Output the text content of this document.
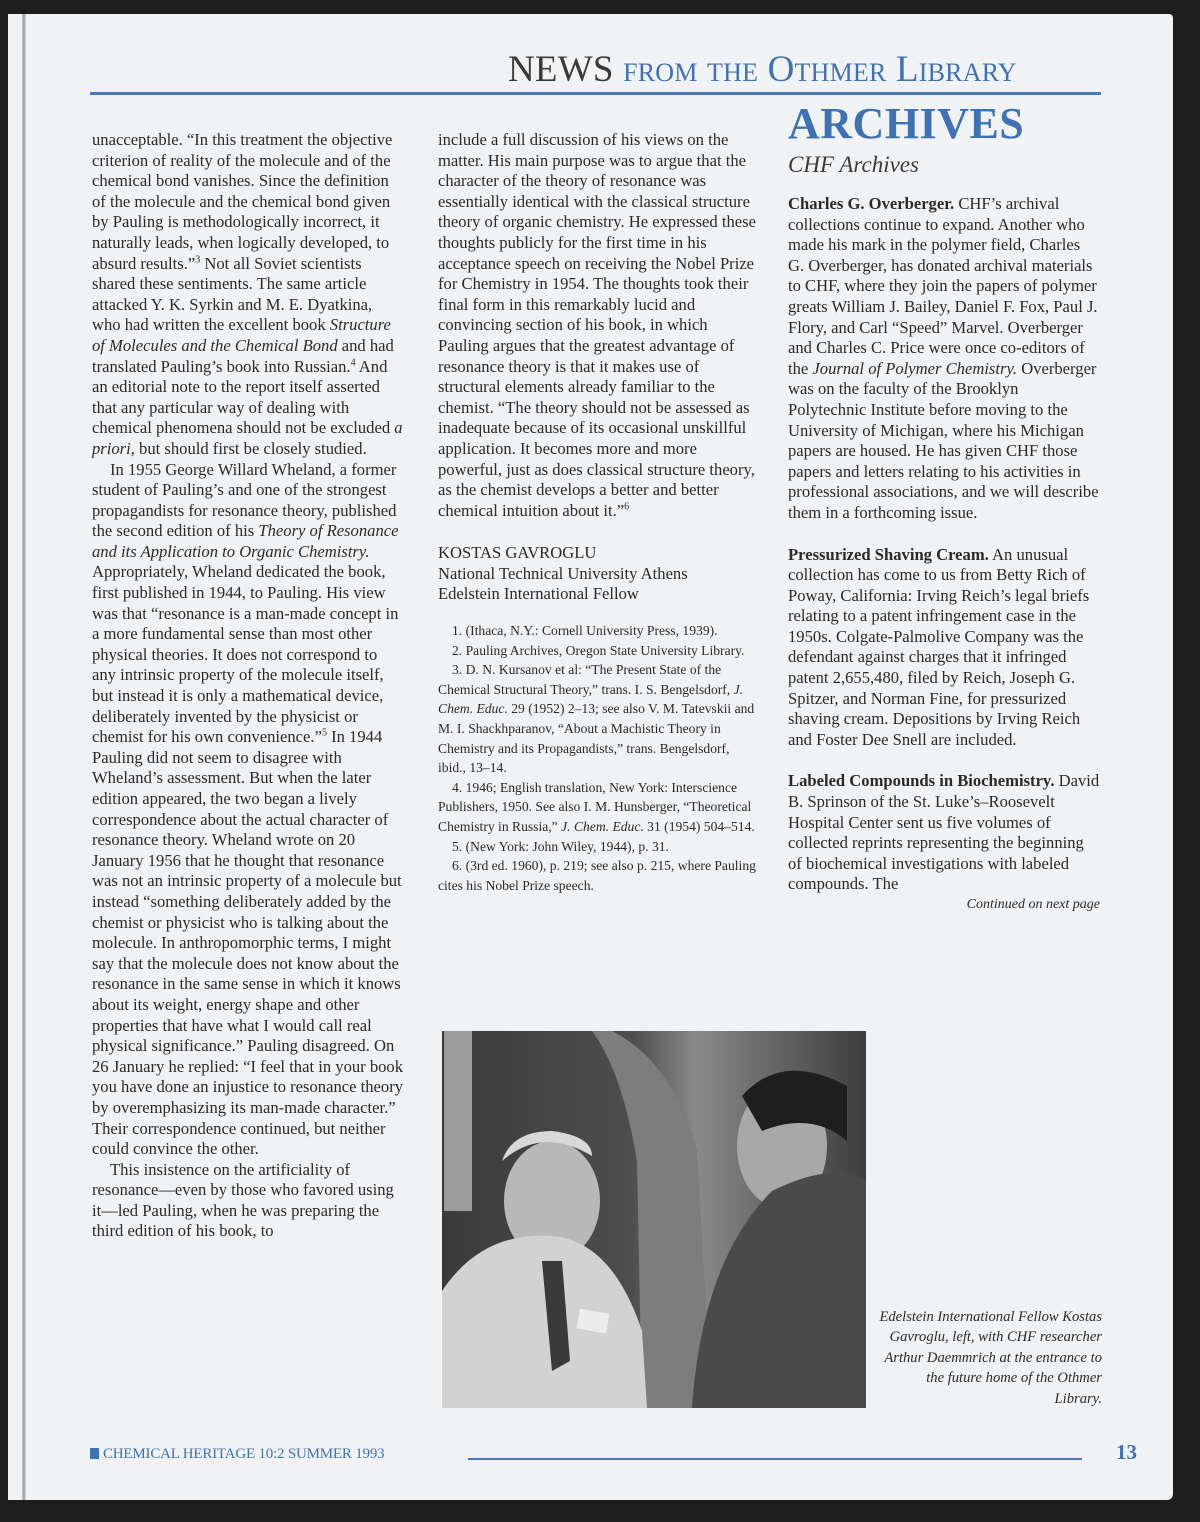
NEWS from the Othmer Library
ARCHIVES
CHF Archives

unacceptable. “In this treatment the objective criterion of reality of the molecule and of the chemical bond vanishes. Since the definition of the molecule and the chemical bond given by Pauling is methodologically incorrect, it naturally leads, when logically developed, to absurd results.”$^3$ Not all Soviet scientists shared these sentiments. The same article attacked Y. K. Syrkin and M. E. Dyatkina, who had written the excellent book Structure of Molecules and the Chemical Bond and had translated Pauling’s book into Russian.$^4$ And an editorial note to the report itself asserted that any particular way of dealing with chemical phenomena should not be excluded a priori, but should first be closely studied.

In 1955 George Willard Wheland, a former student of Pauling’s and one of the strongest propagandists for resonance theory, published the second edition of his Theory of Resonance and its Application to Organic Chemistry. Appropriately, Wheland dedicated the book, first published in 1944, to Pauling. His view was that “resonance is a man-made concept in a more fundamental sense than most other physical theories. It does not correspond to any intrinsic property of the molecule itself, but instead it is only a mathematical device, deliberately invented by the physicist or chemist for his own convenience.”$^5$ In 1944 Pauling did not seem to disagree with Wheland’s assessment. But when the later edition appeared, the two began a lively correspondence about the actual character of resonance theory. Wheland wrote on 20 January 1956 that he thought that resonance was not an intrinsic property of a molecule but instead “something deliberately added by the chemist or physicist who is talking about the molecule. In anthropomorphic terms, I might say that the molecule does not know about the resonance in the same sense in which it knows about its weight, energy shape and other properties that have what I would call real physical significance.” Pauling disagreed. On 26 January he replied: “I feel that in your book you have done an injustice to resonance theory by overemphasizing its man-made character.” Their correspondence continued, but neither could convince the other.

This insistence on the artificiality of resonance—even by those who favored using it—led Pauling, when he was preparing the third edition of his book, to

include a full discussion of his views on the matter. His main purpose was to argue that the character of the theory of resonance was essentially identical with the classical structure theory of organic chemistry. He expressed these thoughts publicly for the first time in his acceptance speech on receiving the Nobel Prize for Chemistry in 1954. The thoughts took their final form in this remarkably lucid and convincing section of his book, in which Pauling argues that the greatest advantage of resonance theory is that it makes use of structural elements already familiar to the chemist. “The theory should not be assessed as inadequate because of its occasional unskillful application. It becomes more and more powerful, just as does classical structure theory, as the chemist develops a better and better chemical intuition about it.”$^6$

KOSTAS GAVROGLU
National Technical University Athens
Edelstein International Fellow

1. (Ithaca, N.Y.: Cornell University Press, 1939).

2. Pauling Archives, Oregon State University Library.

3. D. N. Kursanov et al: “The Present State of the Chemical Structural Theory,” trans. I. S. Bengelsdorf, J. Chem. Educ. 29 (1952) 2–13; see also V. M. Tatevskii and M. I. Shackhparanov, “About a Machistic Theory in Chemistry and its Propagandists,” trans. Bengelsdorf, ibid., 13–14.

4. 1946; English translation, New York: Interscience Publishers, 1950. See also I. M. Hunsberger, “Theoretical Chemistry in Russia,” J. Chem. Educ. 31 (1954) 504–514.

5. (New York: John Wiley, 1944), p. 31.

6. (3rd ed. 1960), p. 219; see also p. 215, where Pauling cites his Nobel Prize speech.

Charles G. Overberger. CHF’s archival collections continue to expand. Another who made his mark in the polymer field, Charles G. Overberger, has donated archival materials to CHF, where they join the papers of polymer greats William J. Bailey, Daniel F. Fox, Paul J. Flory, and Carl “Speed” Marvel. Overberger and Charles C. Price were once co-editors of the Journal of Polymer Chemistry. Overberger was on the faculty of the Brooklyn Polytechnic Institute before moving to the University of Michigan, where his Michigan papers are housed. He has given CHF those papers and letters relating to his activities in professional associations, and we will describe them in a forthcoming issue.

Pressurized Shaving Cream. An unusual collection has come to us from Betty Rich of Poway, California: Irving Reich’s legal briefs relating to a patent infringement case in the 1950s. Colgate-Palmolive Company was the defendant against charges that it infringed patent 2,655,480, filed by Reich, Joseph G. Spitzer, and Norman Fine, for pressurized shaving cream. Depositions by Irving Reich and Foster Dee Snell are included.

Labeled Compounds in Biochemistry. David B. Sprinson of the St. Luke’s–Roosevelt Hospital Center sent us five volumes of collected reprints representing the beginning of biochemical investigations with labeled compounds. The

Continued on next page

Edelstein International Fellow Kostas Gavroglu, left, with CHF researcher Arthur Daemmrich at the entrance to the future home of the Othmer Library.
CHEMICAL HERITAGE 10:2 SUMMER 1993	13
